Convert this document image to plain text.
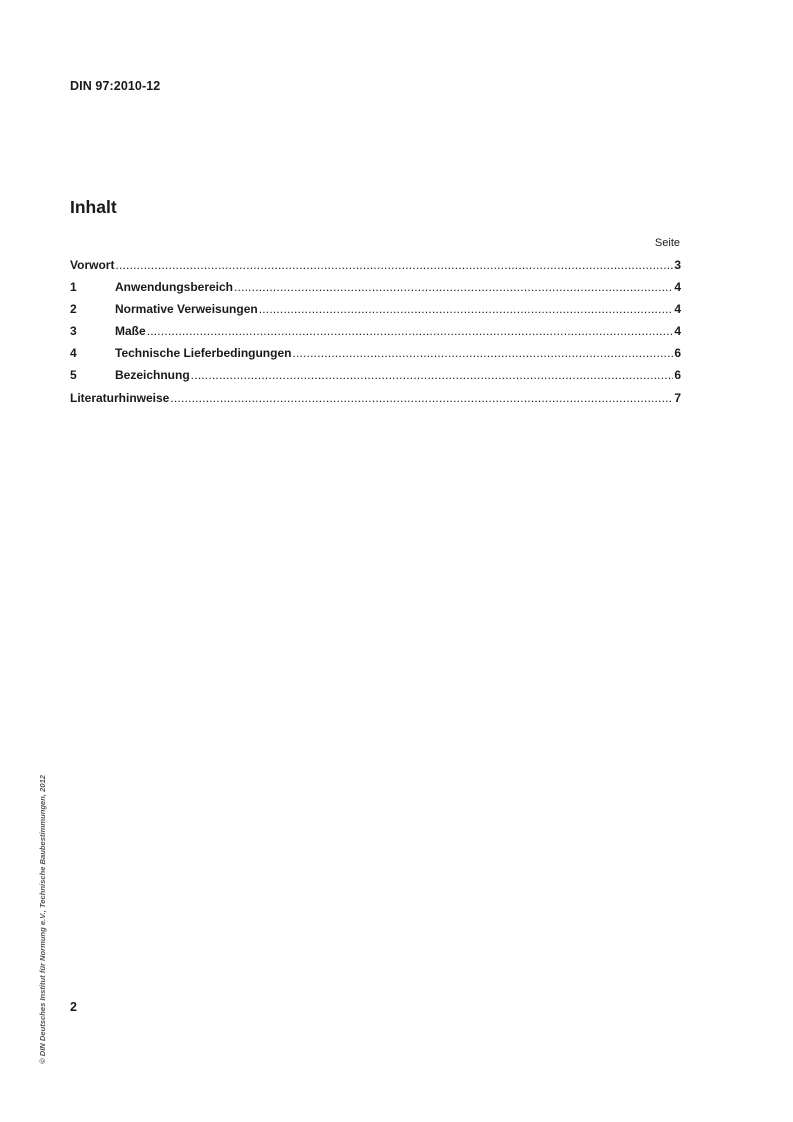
DIN 97:2010-12
Inhalt
Seite
Vorwort .....	3
1	Anwendungsbereich .....	4
2	Normative Verweisungen .....	4
3	Maße .....	4
4	Technische Lieferbedingungen .....	6
5	Bezeichnung .....	6
Literaturhinweise .....	7
2
© DIN Deutsches Institut für Normung e.V., Technische Baubestimmungen, 2012
